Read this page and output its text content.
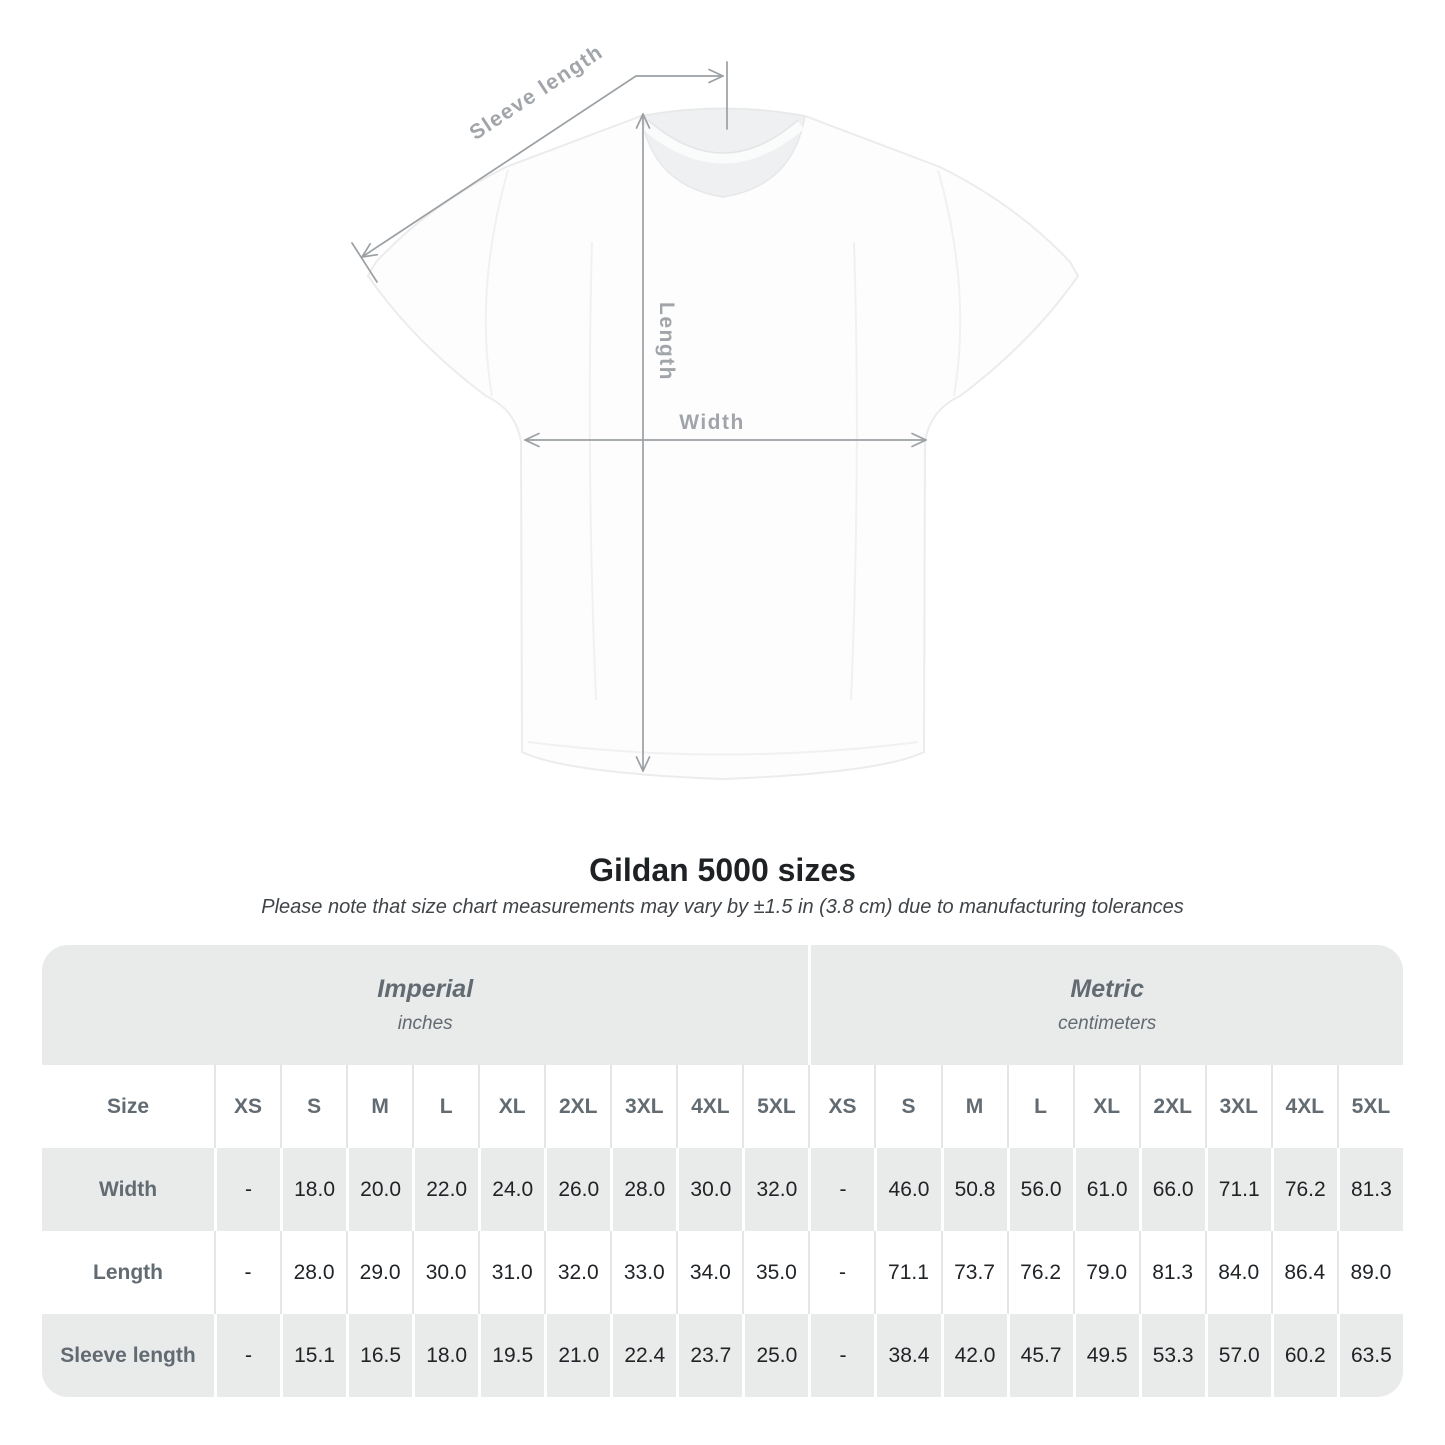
Sleeve length
Length
Width
Gildan 5000 sizes
Please note that size chart measurements may vary by ±1.5 in (3.8 cm) due to manufacturing tolerances
Imperial
inches

Metric
centimeters

Size	XS	S	M	L	XL	2XL	3XL	4XL	5XL	XS	S	M	L	XL	2XL	3XL	4XL	5XL
Width	-	18.0	20.0	22.0	24.0	26.0	28.0	30.0	32.0	-	46.0	50.8	56.0	61.0	66.0	71.1	76.2	81.3
Length	-	28.0	29.0	30.0	31.0	32.0	33.0	34.0	35.0	-	71.1	73.7	76.2	79.0	81.3	84.0	86.4	89.0
Sleeve length	-	15.1	16.5	18.0	19.5	21.0	22.4	23.7	25.0	-	38.4	42.0	45.7	49.5	53.3	57.0	60.2	63.5
